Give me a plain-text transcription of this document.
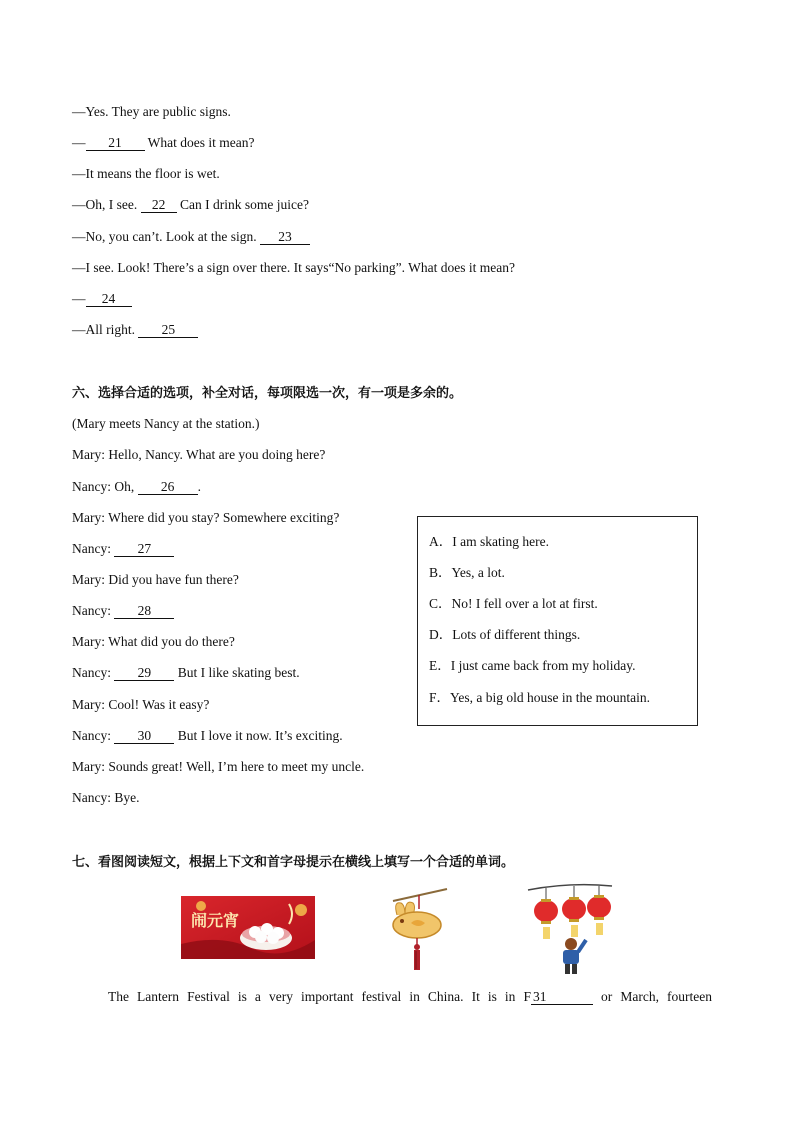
—Yes. They are public signs.
— 21 What does it mean?
—It means the floor is wet.
—Oh, I see. 22 Can I drink some juice?
—No, you can’t. Look at the sign. 23
—I see. Look! There’s a sign over there. It says“No parking”. What does it mean?
— 24
—All right. 25
六、选择合适的选项，补全对话，每项限选一次，有一项是多余的。
(Mary meets Nancy at the station.)
Mary: Hello, Nancy. What are you doing here?
Nancy: Oh, 26 .
Mary: Where did you stay? Somewhere exciting?
Nancy: 27
Mary: Did you have fun there?
Nancy: 28
Mary: What did you do there?
Nancy: 29 But I like skating best.
Mary: Cool! Was it easy?
Nancy: 30 But I love it now. It’s exciting.
Mary: Sounds great! Well, I’m here to meet my uncle.
Nancy: Bye.
A．I am skating here.
B．Yes, a lot.
C．No! I fell over a lot at first.
D．Lots of different things.
E．I just came back from my holiday.
F．Yes, a big old house in the mountain.
七、看图阅读短文，根据上下文和首字母提示在横线上填写一个合适的单词。
闹元宵
The Lantern Festival is a very important festival in China. It is in F 31	or March, fourteen
